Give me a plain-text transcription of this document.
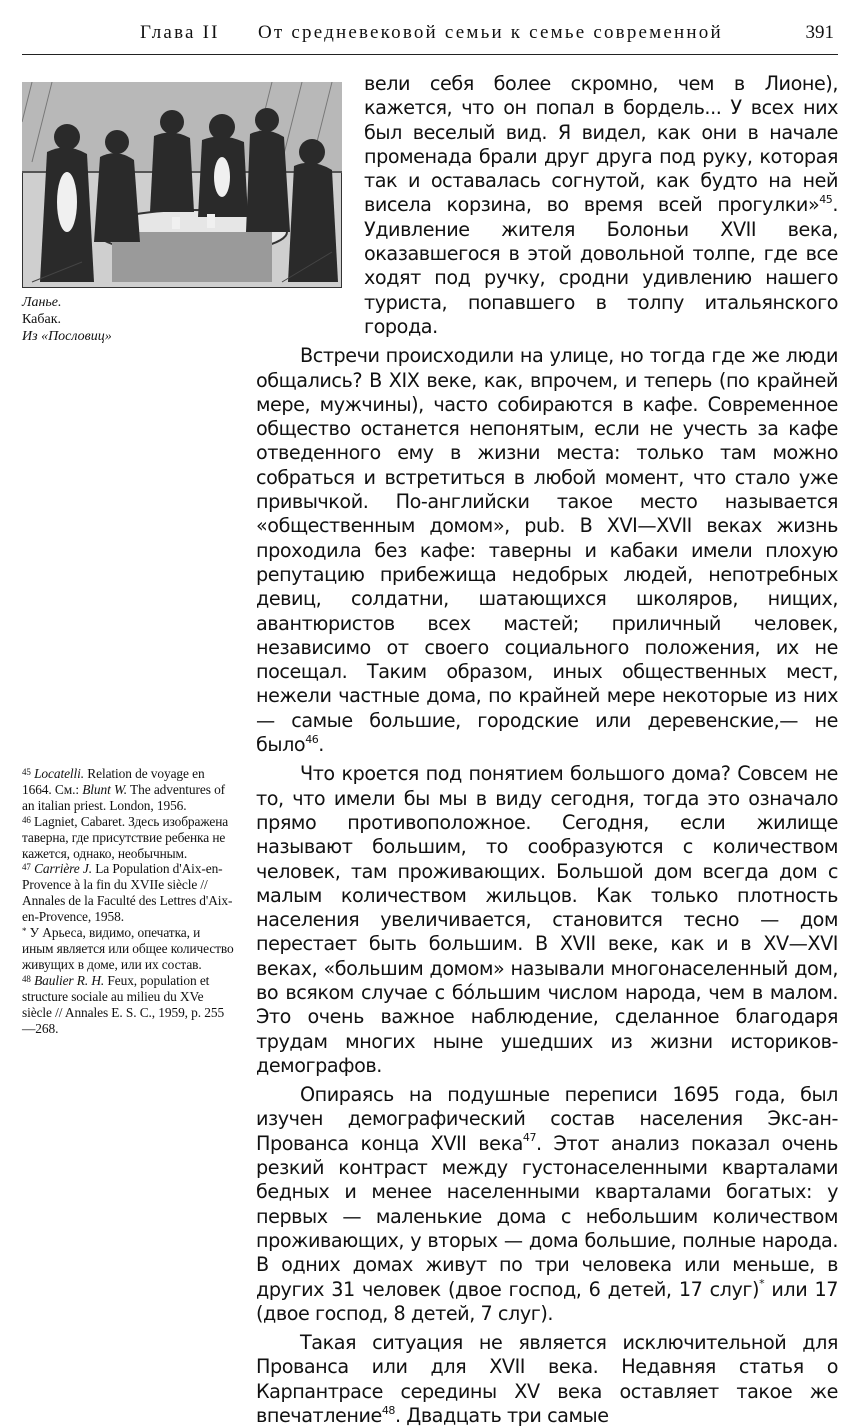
Глава II От средневековой семьи к семье современной	391
Ланье.
Кабак.
Из «Пословиц»

$^{45}$ Locatelli. Relation de voyage en 1664. См.: Blunt W. The adventures of an italian priest. London, 1956.

$^{46}$ Lagniet, Cabaret. Здесь изображена таверна, где присутствие ребенка не кажется, однако, необычным.

$^{47}$ Carrière J. La Population d'Aix-en-Provence à la fin du XVIIe siècle // Annales de la Faculté des Lettres d'Aix-en-Provence, 1958.

* У Арьеса, видимо, опечатка, и иным является или общее количество живущих в доме, или их состав.

$^{48}$ Baulier R. H. Feux, population et structure sociale au milieu du XVe siècle // Annales E. S. C., 1959, p. 255—268.

вели себя более скромно, чем в Лионе), кажется, что он попал в бордель... У всех них был веселый вид. Я видел, как они в начале променада брали друг друга под руку, которая так и оставалась согнутой, как будто на ней висела корзина, во время всей прогулки»$^{45}$. Удивление жителя Болоньи XVII века, оказавшегося в этой довольной толпе, где все ходят под ручку, сродни удивлению нашего туриста, попавшего в толпу итальянского города.

Встречи происходили на улице, но тогда где же люди общались? В XIX веке, как, впрочем, и теперь (по крайней мере, мужчины), часто собираются в кафе. Современное общество останется непонятым, если не учесть за кафе отведенного ему в жизни места: только там можно собраться и встретиться в любой момент, что стало уже привычкой. По-английски такое место называется «общественным домом», pub. В XVI—XVII веках жизнь проходила без кафе: таверны и кабаки имели плохую репутацию прибежища недобрых людей, непотребных девиц, солдатни, шатающихся школяров, нищих, авантюристов всех мастей; приличный человек, независимо от своего социального положения, их не посещал. Таким образом, иных общественных мест, нежели частные дома, по крайней мере некоторые из них — самые большие, городские или деревенские,— не было$^{46}$.

Что кроется под понятием большого дома? Совсем не то, что имели бы мы в виду сегодня, тогда это означало прямо противоположное. Сегодня, если жилище называют большим, то сообразуются с количеством человек, там проживающих. Большой дом всегда дом с малым количеством жильцов. Как только плотность населения увеличивается, становится тесно — дом перестает быть большим. В XVII веке, как и в XV—XVI веках, «большим домом» называли многонаселенный дом, во всяком случае с бо́льшим числом народа, чем в малом. Это очень важное наблюдение, сделанное благодаря трудам многих ныне ушедших из жизни историков-демографов.

Опираясь на подушные переписи 1695 года, был изучен демографический состав населения Экс-ан-Прованса конца XVII века$^{47}$. Этот анализ показал очень резкий контраст между густонаселенными кварталами бедных и менее населенными кварталами богатых: у первых — маленькие дома с небольшим количеством проживающих, у вторых — дома большие, полные народа. В одних домах живут по три человека или меньше, в других 31 человек (двое господ, 6 детей, 17 слуг)* или 17 (двое господ, 8 детей, 7 слуг).

Такая ситуация не является исключительной для Прованса или для XVII века. Недавняя статья о Карпантрасе середины XV века оставляет такое же впечатление$^{48}$. Двадцать три самые
